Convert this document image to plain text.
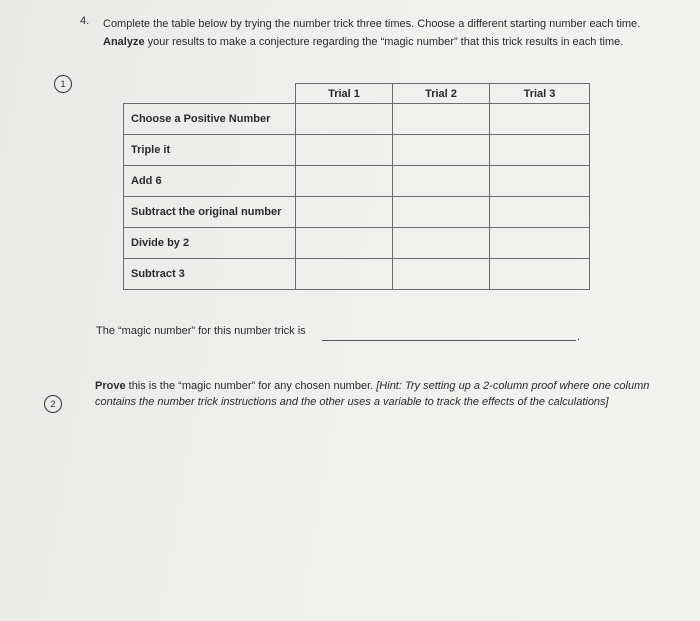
4. Complete the table below by trying the number trick three times. Choose a different starting number each time. Analyze your results to make a conjecture regarding the “magic number” that this trick results in each time.
1
	Trial 1	Trial 2	Trial 3
Choose a Positive Number			
Triple it			
Add 6			
Subtract the original number			
Divide by 2			
Subtract 3			
The “magic number” for this number trick is	.
2
Prove this is the “magic number” for any chosen number. [Hint: Try setting up a 2-column proof where one column contains the number trick instructions and the other uses a variable to track the effects of the calculations]
